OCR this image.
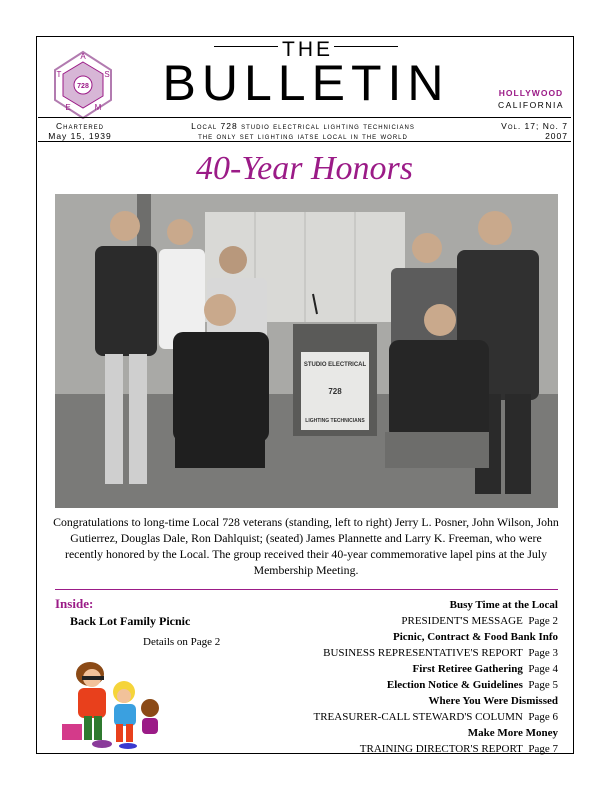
A
T	S
E	M
728
THE
BULLETIN	HOLLYWOOD
CALIFORNIA
Chartered
May 15, 1939
Local 728 studio electrical lighting technicians
the only set lighting iatse local in the world
Vol. 17; No. 7
2007
40-Year Honors
STUDIO ELECTRICAL
728
LIGHTING TECHNICIANS
Congratulations to long-time Local 728 veterans (standing, left to right) Jerry L. Posner, John Wilson, John Gutierrez, Douglas Dale, Ron Dahlquist; (seated) James Plannette and Larry K. Freeman, who were recently honored by the Local. The group received their 40-year commemorative lapel pins at the July Membership Meeting.
Inside:
Back Lot Family Picnic
Details on Page 2
Busy Time at the Local
PRESIDENT'S MESSAGE Page 2
Picnic, Contract & Food Bank Info
BUSINESS REPRESENTATIVE'S REPORT Page 3
First Retiree Gathering Page 4
Election Notice & Guidelines Page 5
Where You Were Dismissed
TREASURER-CALL STEWARD'S COLUMN Page 6
Make More Money
TRAINING DIRECTOR'S REPORT Page 7
